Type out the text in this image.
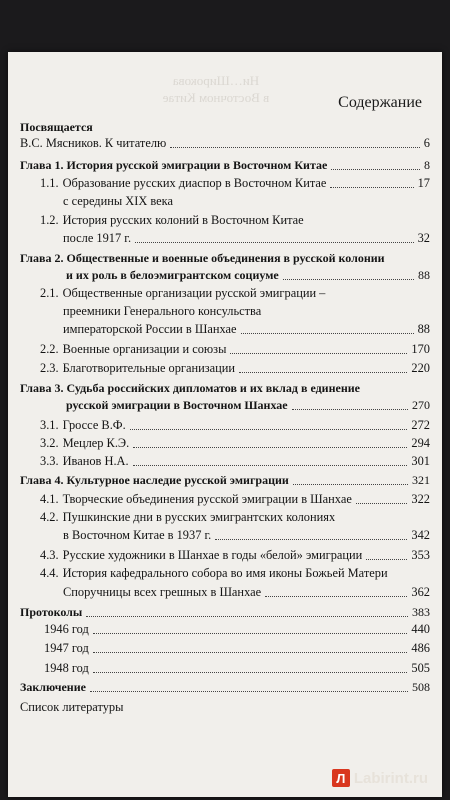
Ни…Широкова
в Восточном Китае	Содержание
Посвящается
В.С. Мясников. К читателю	6
Глава 1. История русской эмиграции в Восточном Китае	8
1.1. Образование русских диаспор в Восточном Китае	17
с середины XIX века
1.2. История русских колоний в Восточном Китае
после 1917 г.	32
Глава 2. Общественные и военные объединения в русской колонии
и их роль в белоэмигрантском социуме	88
2.1. Общественные организации русской эмиграции –
преемники Генерального консульства
императорской России в Шанхае	88
2.2. Военные организации и союзы	170
2.3. Благотворительные организации	220
Глава 3. Судьба российских дипломатов и их вклад в единение
русской эмиграции в Восточном Шанхае	270
3.1. Гроссе В.Ф.	272
3.2. Мецлер К.Э.	294
3.3. Иванов Н.А.	301
Глава 4. Культурное наследие русской эмиграции	321
4.1. Творческие объединения русской эмиграции в Шанхае	322
4.2. Пушкинские дни в русских эмигрантских колониях
в Восточном Китае в 1937 г.	342
4.3. Русские художники в Шанхае в годы «белой» эмиграции	353
4.4. История кафедрального собора во имя иконы Божьей Матери
Споручницы всех грешных в Шанхае	362
Протоколы	383
1946 год	440
1947 год	486
1948 год	505
Заключение	508
Список литературы
Л Labirint.ru
